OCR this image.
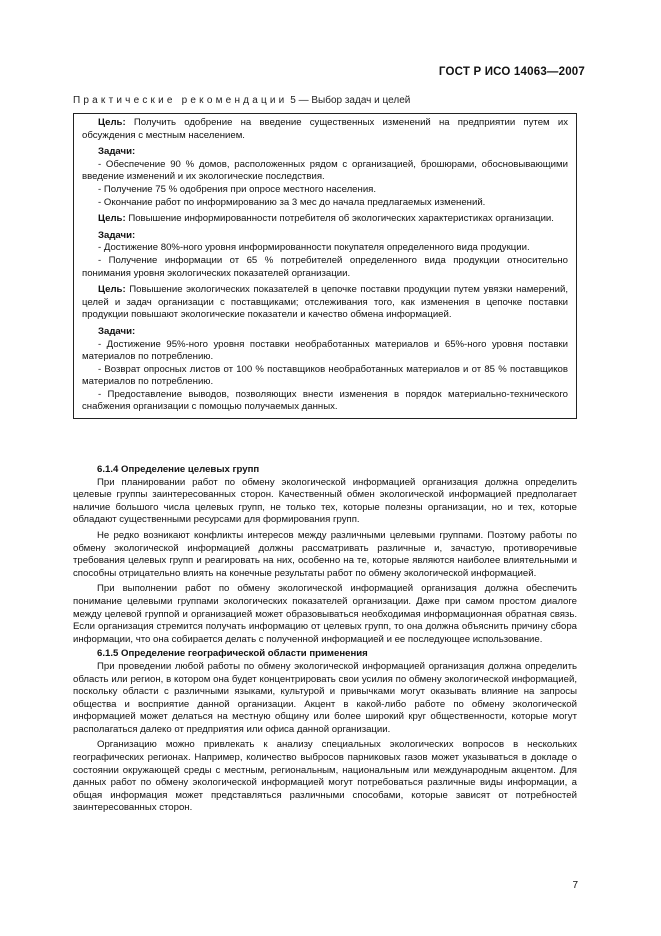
ГОСТ Р ИСО 14063—2007
Практические рекомендации 5 — Выбор задач и целей

Цель: Получить одобрение на введение существенных изменений на предприятии путем их обсуждения с местным населением.

Задачи:

- Обеспечение 90 % домов, расположенных рядом с организацией, брошюрами, обосновывающими введение изменений и их экологические последствия.

- Получение 75 % одобрения при опросе местного населения.

- Окончание работ по информированию за 3 мес до начала предлагаемых изменений.

Цель: Повышение информированности потребителя об экологических характеристиках организации.

Задачи:

- Достижение 80%-ного уровня информированности покупателя определенного вида продукции.

- Получение информации от 65 % потребителей определенного вида продукции относительно понимания уровня экологических показателей организации.

Цель: Повышение экологических показателей в цепочке поставки продукции путем увязки намерений, целей и задач организации с поставщиками; отслеживания того, как изменения в цепочке поставки продукции повышают экологические показатели и качество обмена информацией.

Задачи:

- Достижение 95%-ного уровня поставки необработанных материалов и 65%-ного уровня поставки материалов по потреблению.

- Возврат опросных листов от 100 % поставщиков необработанных материалов и от 85 % поставщиков материалов по потреблению.

- Предоставление выводов, позволяющих внести изменения в порядок материально-технического снабжения организации с помощью получаемых данных.

6.1.4 Определение целевых групп

При планировании работ по обмену экологической информацией организация должна определить целевые группы заинтересованных сторон. Качественный обмен экологической информацией предполагает наличие большого числа целевых групп, не только тех, которые полезны организации, но и тех, которые обладают существенными ресурсами для формирования групп.

Не редко возникают конфликты интересов между различными целевыми группами. Поэтому работы по обмену экологической информацией должны рассматривать различные и, зачастую, противоречивые требования целевых групп и реагировать на них, особенно на те, которые являются наиболее влиятельными и способны отрицательно влиять на конечные результаты работ по обмену экологической информацией.

При выполнении работ по обмену экологической информацией организация должна обеспечить понимание целевыми группами экологических показателей организации. Даже при самом простом диалоге между целевой группой и организацией может образовываться необходимая информационная обратная связь. Если организация стремится получать информацию от целевых групп, то она должна объяснить причину сбора информации, что она собирается делать с полученной информацией и ее последующее использование.

6.1.5 Определение географической области применения

При проведении любой работы по обмену экологической информацией организация должна определить область или регион, в котором она будет концентрировать свои усилия по обмену экологической информацией, поскольку области с различными языками, культурой и привычками могут оказывать влияние на запросы общества и восприятие данной организации. Акцент в какой-либо работе по обмену экологической информацией может делаться на местную общину или более широкий круг общественности, которые могут располагаться далеко от предприятия или офиса данной организации.

Организацию можно привлекать к анализу специальных экологических вопросов в нескольких географических регионах. Например, количество выбросов парниковых газов может указываться в докладе о состоянии окружающей среды с местным, региональным, национальным или международным акцентом. Для данных работ по обмену экологической информацией могут потребоваться различные виды информации, а общая информация может представляться различными способами, которые зависят от потребностей заинтересованных сторон.

7
